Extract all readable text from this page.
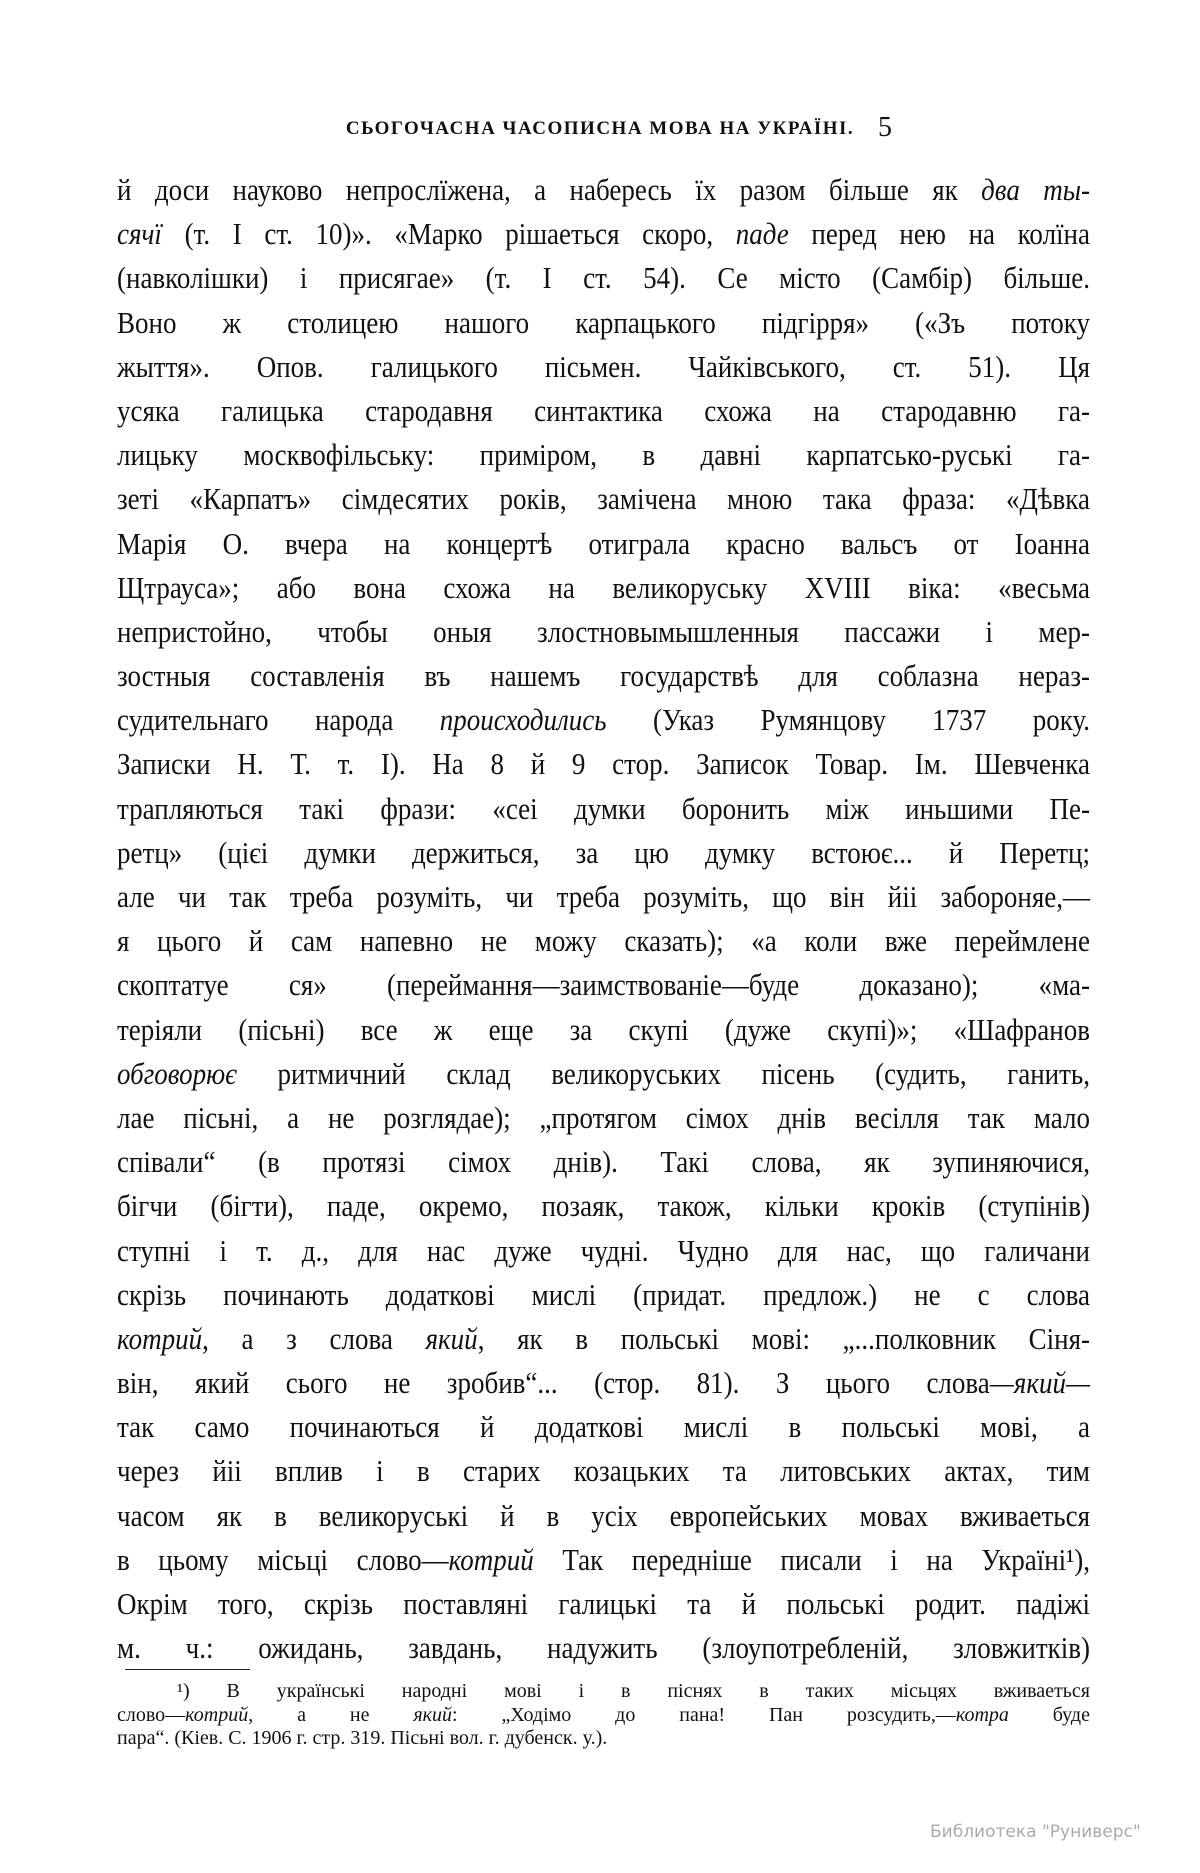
СЬОГОЧАСНА ЧАСОПИСНА МОВА НА УКРАЇНІ. 5
й доси науково непрослїжена, а набересь їх разом більше як два ты-
сячї (т. І ст. 10)». «Марко рішаеться скоро, паде перед нею на колїна
(навколішки) і присягае» (т. І ст. 54). Се місто (Самбір) більше.
Воно ж столицею нашого карпацького підгірря» («Зъ потоку
жыття». Опов. галицького пісьмен. Чайківського, ст. 51). Ця
усяка галицька стародавня синтактика схожа на стародавню га-
лицьку москвофільську: приміром, в давні карпатсько-руські га-
зеті «Карпатъ» сімдесятих років, замічена мною така фраза: «Дѣвка
Марія О. вчера на концертѣ отиграла красно вальсъ от Іоанна
Щтрауса»; або вона схожа на великоруську XVIII віка: «весьма
непристойно, чтобы оныя злостновымышленныя пассажи і мер-
зостныя составленія въ нашемъ государствѣ для соблазна нераз-
судительнаго народа происходились (Указ Румянцову 1737 року.
Записки Н. Т. т. І). На 8 й 9 стор. Записок Товар. Ім. Шевченка
трапляються такі фрази: «сеі думки боронить між иньшими Пе-
ретц» (цієі думки держиться, за цю думку встоює... й Перетц;
але чи так треба розуміть, чи треба розуміть, що він йіі забороняе,—
я цього й сам напевно не можу сказать); «а коли вже переймлене
скоптатуе ся» (переймання—заимствованіе—буде доказано); «ма-
теріяли (пісьні) все ж еще за скупі (дуже скупі)»; «Шафранов
обговорює ритмичний склад великоруських пісень (судить, ганить,
лае пісьні, а не розглядае); „протягом сімох днів весілля так мало
співали“ (в протязі сімох днів). Такі слова, як зупиняючися,
бігчи (бігти), паде, окремо, позаяк, також, кільки кроків (ступінів)
ступні і т. д., для нас дуже чудні. Чудно для нас, що галичани
скрізь починають додаткові мислі (придат. предлож.) не с слова
котрий, а з слова який, як в польські мові: „...полковник Сіня-
він, який сього не зробив“... (стор. 81). З цього слова—який—
так само починаються й додаткові мислі в польські мові, а
через йіі вплив і в старих козацьких та литовських актах, тим
часом як в великоруські й в усіх европейських мовах вживаеться
в цьому місьці слово—котрий Так передніше писали і на Україні¹),
Окрім того, скрізь поставляні галицькі та й польські родит. падіжі
м. ч.: ожидань, завдань, надужить (злоупотребленій, зловжитків)
¹) В українські народні мові і в піснях в таких місьцях вживаеться
слово—котрий, а не який: „Ходімо до пана! Пан розсудить,—котра буде
пара“. (Кіев. С. 1906 г. стр. 319. Пісьні вол. г. дубенск. у.).
Библиотека "Руниверс"
